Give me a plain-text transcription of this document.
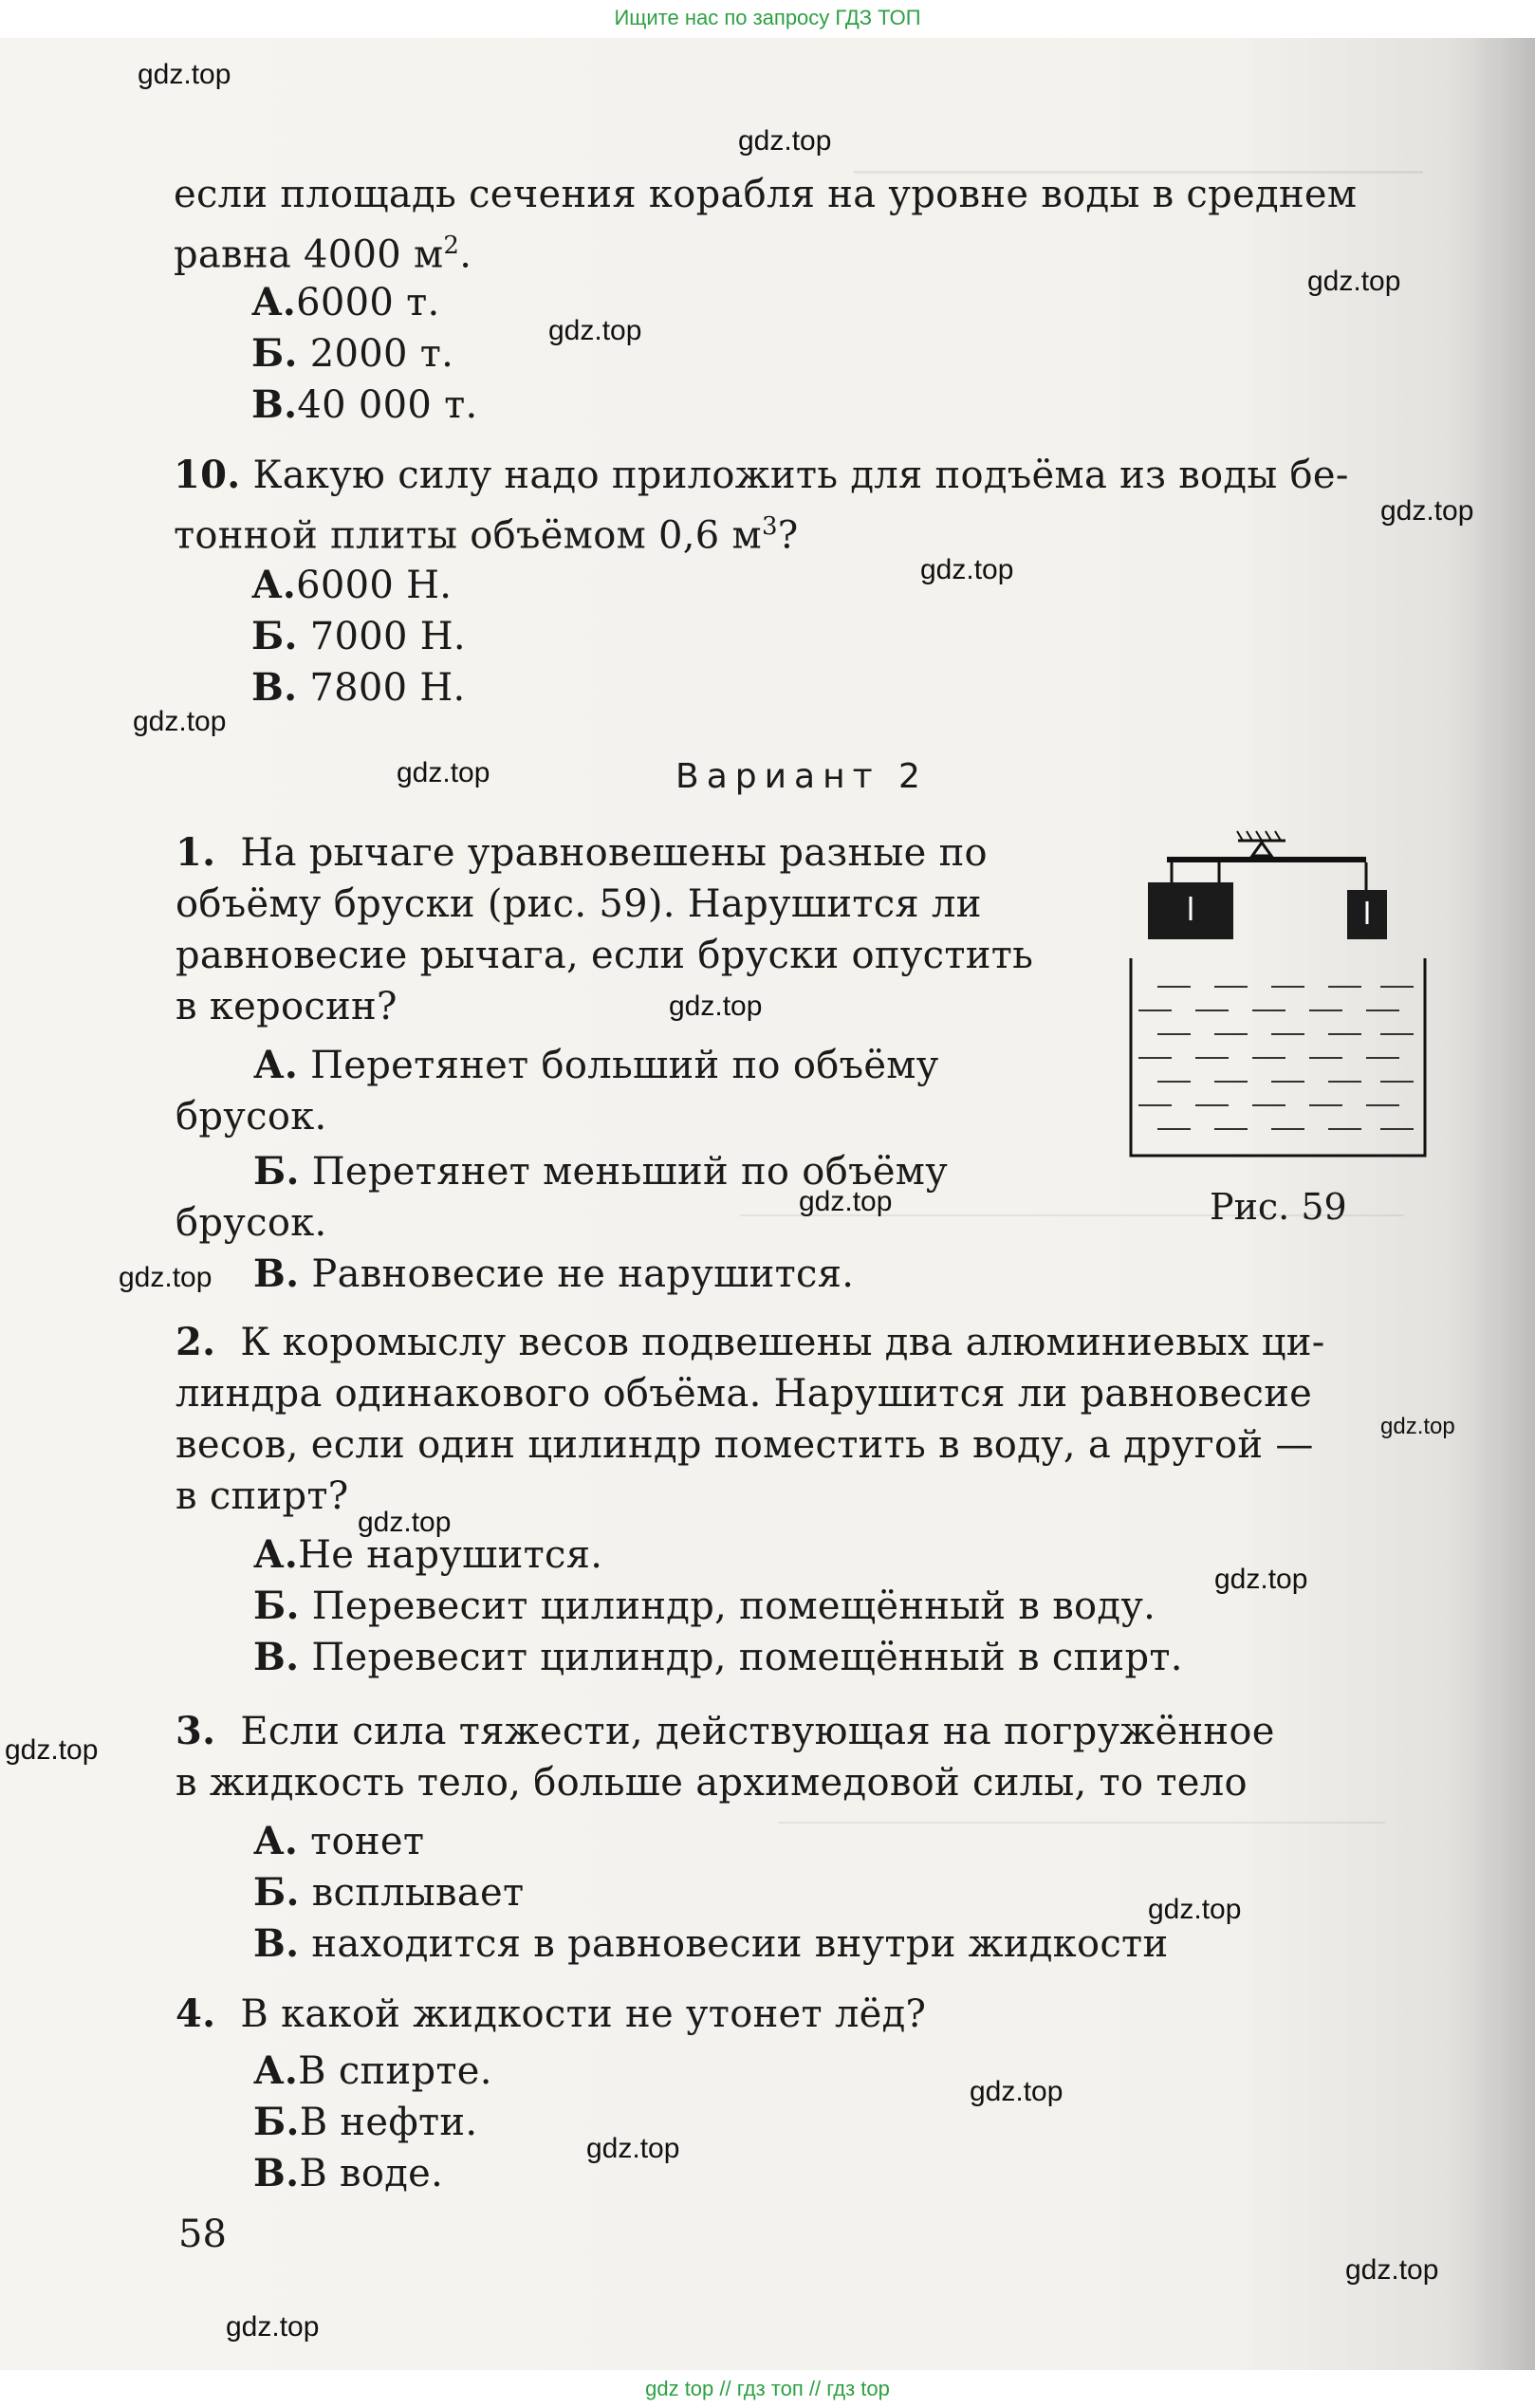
Ищите нас по запросу ГДЗ ТОП
если площадь сечения корабля на уровне воды в среднем
равна 4000 $м^2$.
А.6000 т.
Б. 2000 т.
В.40 000 т.
10. Какую силу надо приложить для подъёма из воды бе-
тонной плиты объёмом 0,6 $м^3$?
А.6000 Н.
Б. 7000 Н.
В. 7800 Н.
Вариант 2
1. На рычаге уравновешены разные по
объёму бруски (рис. 59). Нарушится ли
равновесие рычага, если бруски опустить
в керосин?
А. Перетянет больший по объёму
брусок.
Б. Перетянет меньший по объёму
брусок.
В. Равновесие не нарушится.
Рис. 59
2. К коромыслу весов подвешены два алюминиевых ци-
линдра одинакового объёма. Нарушится ли равновесие
весов, если один цилиндр поместить в воду, а другой —
в спирт?
А.Не нарушится.
Б. Перевесит цилиндр, помещённый в воду.
В. Перевесит цилиндр, помещённый в спирт.
3. Если сила тяжести, действующая на погружённое
в жидкость тело, больше архимедовой силы, то тело
А. тонет
Б. всплывает
В. находится в равновесии внутри жидкости
4. В какой жидкости не утонет лёд?
А.В спирте.
Б.В нефти.
В.В воде.
58
gdz.top
gdz.top
gdz.top
gdz.top
gdz.top
gdz.top
gdz.top
gdz.top
gdz.top
gdz.top
gdz.top
gdz.top
gdz.top
gdz.top
gdz.top
gdz.top
gdz.top
gdz.top
gdz.top
gdz.top
gdz top // гдз топ // гдз top
